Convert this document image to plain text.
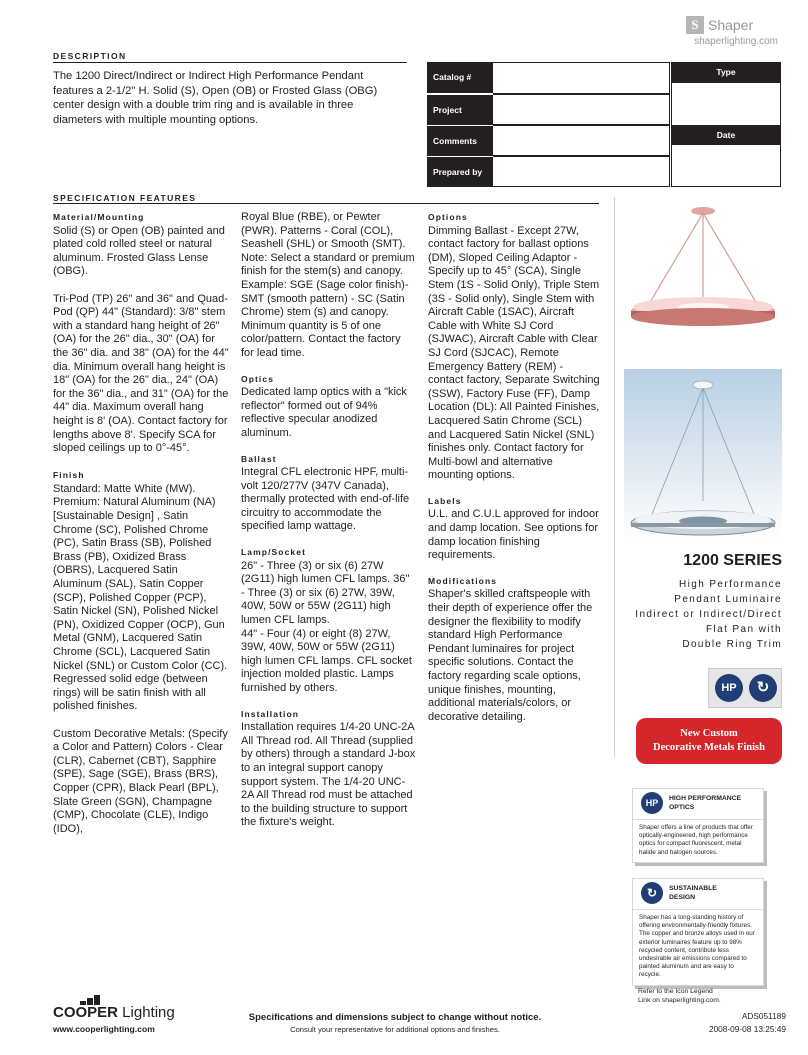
S Shaper
shaperlighting.com
DESCRIPTION
The 1200 Direct/Indirect or Indirect High Performance Pendant features a 2-1/2" H. Solid (S), Open (OB) or Frosted Glass (OBG) center design with a double trim ring and is available in three diameters with multiple mounting options.
Catalog #
Project
Comments
Prepared by
Type
Date
SPECIFICATION FEATURES
Material/Mounting

Solid (S) or Open (OB) painted and plated cold rolled steel or natural aluminum. Frosted Glass Lense (OBG).

Tri-Pod (TP) 26" and 36" and Quad-Pod (QP) 44" (Standard): 3/8" stem with a standard hang height of 26" (OA) for the 26" dia., 30" (OA) for the 36" dia. and 38" (OA) for the 44" dia. Minimum overall hang height is 18" (OA) for the 26" dia., 24" (OA) for the 36" dia., and 31" (OA) for the 44" dia. Maximum overall hang height is 8' (OA). Contact factory for lengths above 8'. Specify SCA for sloped ceilings up to 0°-45°.

Finish

Standard: Matte White (MW). Premium: Natural Aluminum (NA) [Sustainable Design] , Satin Chrome (SC), Polished Chrome (PC), Satin Brass (SB), Polished Brass (PB), Oxidized Brass (OBRS), Lacquered Satin Aluminum (SAL), Satin Copper (SCP), Polished Copper (PCP), Satin Nickel (SN), Polished Nickel (PN), Oxidized Copper (OCP), Gun Metal (GNM), Lacquered Satin Chrome (SCL), Lacquered Satin Nickel (SNL) or Custom Color (CC). Regressed solid edge (between rings) will be satin finish with all polished finishes.

Custom Decorative Metals: (Specify a Color and Pattern) Colors - Clear (CLR), Cabernet (CBT), Sapphire (SPE), Sage (SGE), Brass (BRS), Copper (CPR), Black Pearl (BPL), Slate Green (SGN), Champagne (CMP), Chocolate (CLE), Indigo (IDO),

Royal Blue (RBE), or Pewter (PWR). Patterns - Coral (COL), Seashell (SHL) or Smooth (SMT). Note: Select a standard or premium finish for the stem(s) and canopy. Example: SGE (Sage color finish)-SMT (smooth pattern) - SC (Satin Chrome) stem (s) and canopy. Minimum quantity is 5 of one color/pattern. Contact the factory for lead time.

Optics

Dedicated lamp optics with a "kick reflector" formed out of 94% reflective specular anodized aluminum.

Ballast

Integral CFL electronic HPF, multi-volt 120/277V (347V Canada), thermally protected with end-of-life circuitry to accommodate the specified lamp wattage.

Lamp/Socket

26" - Three (3) or six (6) 27W (2G11) high lumen CFL lamps. 36" - Three (3) or six (6) 27W, 39W, 40W, 50W or 55W (2G11) high lumen CFL lamps.
44" - Four (4) or eight (8) 27W, 39W, 40W, 50W or 55W (2G11) high lumen CFL lamps. CFL socket injection molded plastic. Lamps furnished by others.

Installation

Installation requires 1/4-20 UNC-2A All Thread rod. All Thread (supplied by others) through a standard J-box to an integral support canopy support system. The 1/4-20 UNC-2A All Thread rod must be attached to the building structure to support the fixture's weight.

Options

Dimming Ballast - Except 27W, contact factory for ballast options (DM), Sloped Ceiling Adaptor - Specify up to 45° (SCA), Single Stem (1S - Solid Only), Triple Stem (3S - Solid only), Single Stem with Aircraft Cable (1SAC), Aircraft Cable with White SJ Cord (SJWAC), Aircraft Cable with Clear SJ Cord (SJCAC), Remote Emergency Battery (REM) - contact factory, Separate Switching (SSW), Factory Fuse (FF), Damp Location (DL): All Painted Finishes, Lacquered Satin Chrome (SCL) and Lacquered Satin Nickel (SNL) finishes only. Contact factory for Multi-bowl and alternative mounting options.

Labels

U.L. and C.U.L approved for indoor and damp location. See options for damp location finishing requirements.

Modifications

Shaper's skilled craftspeople with their depth of experience offer the designer the flexibility to modify standard High Performance Pendant luminaires for project specific solutions. Contact the factory regarding scale options, unique finishes, mounting, additional materials/colors, or decorative detailing.

1200 SERIES
High Performance
Pendant Luminaire
Indirect or Indirect/Direct
Flat Pan with
Double Ring Trim
HP	↻
New Custom
Decorative Metals Finish
HP	HIGH PERFORMANCE
OPTICS
Shaper offers a line of products that offer optically-engineered, high performance optics for compact fluorescent, metal halide and halogen sources.
↻	SUSTAINABLE
DESIGN
Shaper has a long-standing history of offering environmentally-friendly fixtures. The copper and bronze alloys used in our exterior luminaires feature up to 98% recycled content, contribute less undesirable air emissions compared to painted aluminum and are easy to recycle.
Refer to the Icon Legend
Link on shaperlighting.com.
COOPER Lighting
www.cooperlighting.com
Specifications and dimensions subject to change without notice.
Consult your representative for additional options and finishes.
ADS051189
2008-09-08 13:25:49
